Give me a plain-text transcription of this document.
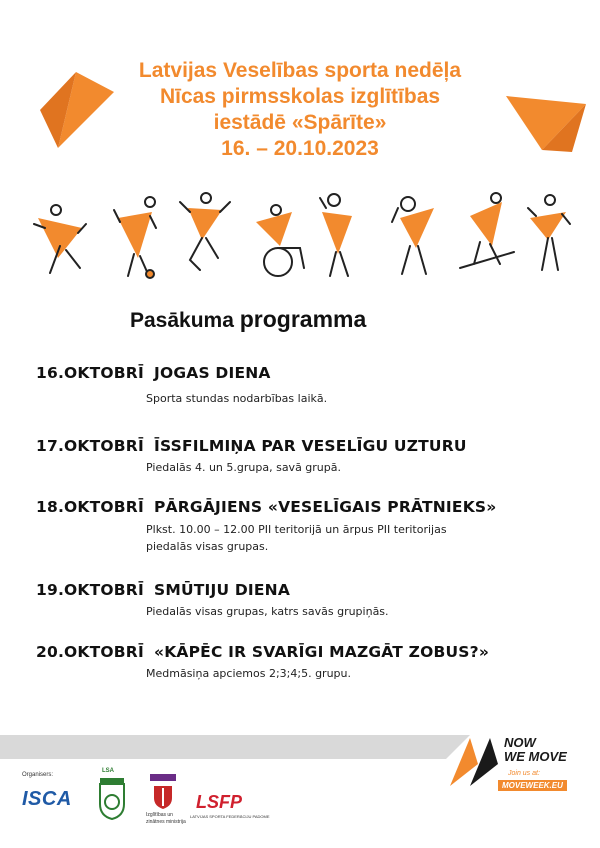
Latvijas Veselības sporta nedēļa
Nīcas pirmsskolas izglītības
iestādē «Spārīte»
16. – 20.10.2023
Pasākuma programma
16.OKTOBRĪ JOGAS DIENA
Sporta stundas nodarbības laikā.
17.OKTOBRĪ ĪSSFILMIŅA PAR VESELĪGU UZTURU
Piedalās 4. un 5.grupa, savā grupā.
18.OKTOBRĪ PĀRGĀJIENS «VESELĪGAIS PRĀTNIEKS»
Plkst. 10.00 – 12.00 PII teritorijā un ārpus PII teritorijas
piedalās visas grupas.
19.OKTOBRĪ SMŪTIJU DIENA
Piedalās visas grupas, katrs savās grupiņās.
20.OKTOBRĪ «KĀPĒC IR SVARĪGI MAZGĀT ZOBUS?»
Medmāsiņa apciemos 2;3;4;5. grupu.
NOW
WE MOVE
Join us at:
MOVEWEEK.EU
Organisers:
ISCA
LSA
Izglītības un zinātnes ministrija
LSFP
LATVIJAS SPORTA FEDERĀCIJU PADOME
